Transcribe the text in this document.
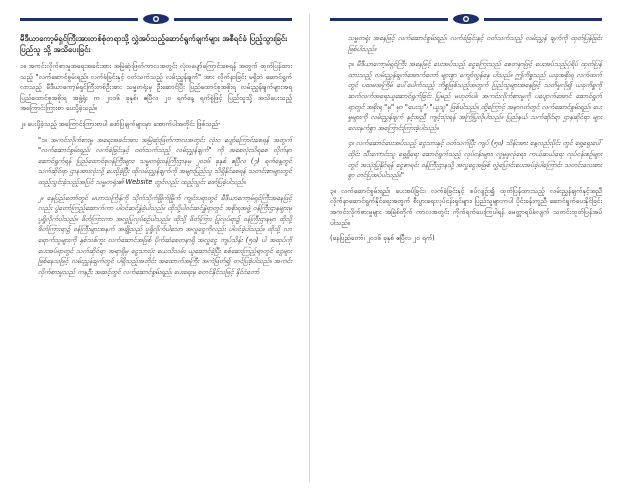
မီဒီယာကော့မ်ရှင်ကြီးအားတစ်စုံတရာသို့ လွှဲအပ်သည့်ဆောင်ရွက်ချက်များ အစီရင်ခံ ပြည့်သွားခြင်း ပြည်သူ သို့ အသိပေးခြင်း

၁။ အကင်းလိုက်စားမှုအရေးအခင်းအား အမြဲဆုံးဖြတ်ကာလအတွင်း လုံးဝပျော်ကြောင်းစေရန် အတွက် ထုတ်ပြန်ထားသည့် "လက်ဆောင်စွမ်းရည်၊ လက်ခံခြင်းနှင့် ဝတ်သက်သည့် လမ်းညွှန်ချက်" အား လိုက်နာခြင်း မရှိဘဲ ဆောင်ရွက်လာသည့် မီဒီယာကော့မ်ရှင်ကြီးတစ်ဦးအား သမ္မတရုံးမှ ဦးဆောင်ပြီး ပြည်ထောင်စုအစိုးရ လမ်းညွှန်ချက်များအရ ပြည်ထောင်စုအစိုးရ အဖွဲ့ရုံး က ၂၀၁၆ ခုနှစ်၊ ဧပြီလ ၂၀ ရက်နေ့ ရက်စွဲဖြင့် ပြည်သူသို့ အသိပေးသည့် အကြောင်းကြားစာ ပေးပို့ခဲ့သည်။

၂။ ပေးပို့ခဲ့သည့် အကြောင်းကြားစာပါ ဖော်ပြချက်များမှာ အောက်ပါအတိုင်း ဖြစ်သည်-

"၁။ အကင်းလိုက်စားမှု အရေးအခင်းအား အမြဲဆုံးဖြတ်ကာလအတွင်း လုံးဝ ပျော်ကြောင်းစေရန် အတွက် "လက်ဆောင်စွမ်းရည်၊ လက်ခံခြင်းနှင့် ဝတ်သက်သည့် လမ်းညွှန်ချက်" ကို အစေလုံးသိရစေ လိုက်နာ ဆောင်ရွက်ရန် ပြည်ထောင်စုဝန်ကြီးများ၊ သမ္မတရုံးဝန်ကြီးဌာနမှ ၂၀၁၆ ခုနှစ် ဧပြီလ (၇) ရက်နေ့တွင် သက်ဆိုင်ရာ ဌာနအားလုံးသို့ ပေးပို့ခဲ့ပြီး ထိုလမ်းညွှန်ချက်ကို အများပြည်သူ သိရှိနိုင်စေရန် သတင်းစာများတွင် ထည့်သွင်းခဲ့သည့်အပြင် သမ္မတရုံး၏ Website တွင်လည်း ထည့်သွင်း ဖော်ပြခဲ့ပါသည်။

၂။ နေပြည်တော်တွင် မဟာသင်္ကြန်ကို သိုက်သိုက်မြိုက်မြိုက် ကျင်းပရာတွင် မီဒီယာကော့မ်ရှင်ကြီးအနေဖြင့်လည်း ပွဲတော်ကြည့်ဆောက်ကာ ပါဝင်ဆင်နွှဲခဲ့ပါသည်။ ထိုသို့ပါဝင်ဆင်နွှဲရာတွင် အစိုးရအဖွဲ့ ဝန်ကြီးဌာနများမှ ပူရှိုလိုက်ပါသည်။ ဖိတ်ကြားကာ အလှူပြုလုပ်စဉ်ပါသည်။ ထိုသို့ ဖိတ်ကြား ပြုလုပ်ရာ၌ ဝန်ကြီးဌာနမှာ ထိုသို့ ဖိတ်ကြားရာ၌ ဝန်ကြီးများအနက် အချို့သည် ပူရှိုလိုက်ပါသော အလှူငွေကိုလည်း ပါဝင်ခဲ့ပါသည်။ ထိုသို့ လာရောက်သူများကို နှစ်သစ်ကူး လက်ဆောင်အဖြစ် ပိုက်ဆံစေတနာရှိ အလှူငွေ ကျပ်သိန်း (၅၀) ပါ အထုပ်ကို ပေးအပ်ရာတွင် သက်ဆိုင်ရာ အရာရှိမှ ငွေသားပုံး ယေသိသမ်း ယူဆောင်ခဲ့ပြီး စစ်ဆေးကြည့်ရာတွင် ငွေများ ဖြစ်နေသဖြင့် လမ်းညွှန်ချက်တွင် ပါရှိသည့်အတိုင်း အထောက်အကြီး အကဲဖြတ်၍ တင်ပြခဲ့ပါသည်။ အကင်းလိုက်စားမှုသည် ကနဦး အဆင့်တွင် လက်ဆောင်စွမ်းရည်၊ ပေးရေးမှ စတင်နိုင်သဖြင့် နိုင်ငံတော်

သမ္မတရုံး အနေဖြင့် လက်ဆောင်စွမ်းရည်၊ လက်ခံခြင်းနှင့် ဝတ်သက်သည့် လမ်းညွှန် ချက်ကို ထုတ်ပြန်ခြင်း ဖြစ်ပါသည်။

၃။ မီဒီယာကော့မ်ရှင်ကြီး အနေဖြင့် ပေးအပ်သည့် ငွေကြေးသည် စေတနာဖြင့် ပေးအပ်သည့်ပုံရိပ် ထုတ်ပြန်ထားသည့် လမ်းညွှန်ချက်အောက်တော် များစွာ ကျော်လွန်နေ ပါသည်။ ဤကိစ္စသည် ယခုအစိုးရ လက်ထက်တွင် ပထမအကြိမ် ပေါ်ပေါက်သည့် ကိစ္စဖြစ်သည့်အတွက် ပြည်သူများအနေဖြင့် သတိမူလို၍ ယခုကိစ္စကို ဆက်လက်အရေးယူဆောင်ရွက်ခြင်း ပြုမည် မဟုတ်ပါ။ အကင်းလိုက်စားမှုကို ပပျောက်အောင် ဆောင်ရွက်ရာတွင် အစိုးရ "မှ" မှာ "ပေးသူ"၊ "ယူသူ" ဖြစ်ပါသည်။ ထို့ကြောင့် အနာဂတ်တွင် လက်ဆောင်စွမ်းရည်၊ ပေးမှုများကို လမ်းညွှန်ချက် နှင့်အညီ ကျင့်သုံးရန် အကြံပြုလိုပါသည်။ ပြည်နယ် သက်ဆိုင်ရာ ဌာနဆိုင်ရာ များ လေးနက်စွာ အကြောင်းကြားခဲ့ပါသည်။

၄။ လက်ဆောင်ပေးအပ်သည့် ငွေသားနှင့် ဝတ်သက်ပြီး ကျပ် (၅၀) သိန်းအား နေ့လည်းပိုင်း တွင် ရှေ့ရှေးပေါ်ထိုင်း သီးကောင်းသူ ရှေ့ရှိရေး ဆောင်ရွက်သည့် လုပ်ငန်းများ၊ လူမှုဖူလုံရေး၊ ကယ်ဆယ်ရေး လုပ်ငန်းစဉ်များတွင် အသုံးပြုနိုင်ရန် ငွေစာရင်း ဝန်ကြီးဌာနသို့ အလှူငွေအဖြစ် လွှဲပြောင်းပေးအပ်ခဲ့ပါကြောင်း သတင်းလေးစားစွာ တင်ပြအပ်ပါသည်။"

၃။ လက်ဆောင်စွမ်းရည်၊ ပေးအပ်ခြင်း၊ လက်ခံခြင်းနှင့် စပ်လျဉ်း၍ ထုတ်ပြန်ထားသည့် လမ်းညွှန်ချက်နှင့်အညီ လိုက်နာဆောင်ရွက်နိုင်ရေးအတွက် စီးပွားရေးလုပ်ငန်းရှင်များ၊ ပြည်သူများကပါ ပိုင်းခန်းကူညီ ဆောင်ရွက်ပေးနိုင်ခြင်း အကင်းလိုက်စားမှုများ အမြဲစ်တိုက် ကာလအတွင်း ကိုက်ရက်ပေးကြပါရန် မေတ္တာရပ်ခံလျက် သတင်းထုတ်ပြန်အပ်ပါသည်။

(နေပြည်တော်၊ ၂၀၁၆ ခုနှစ် ဧပြီလ ၂၀ ရက်)
